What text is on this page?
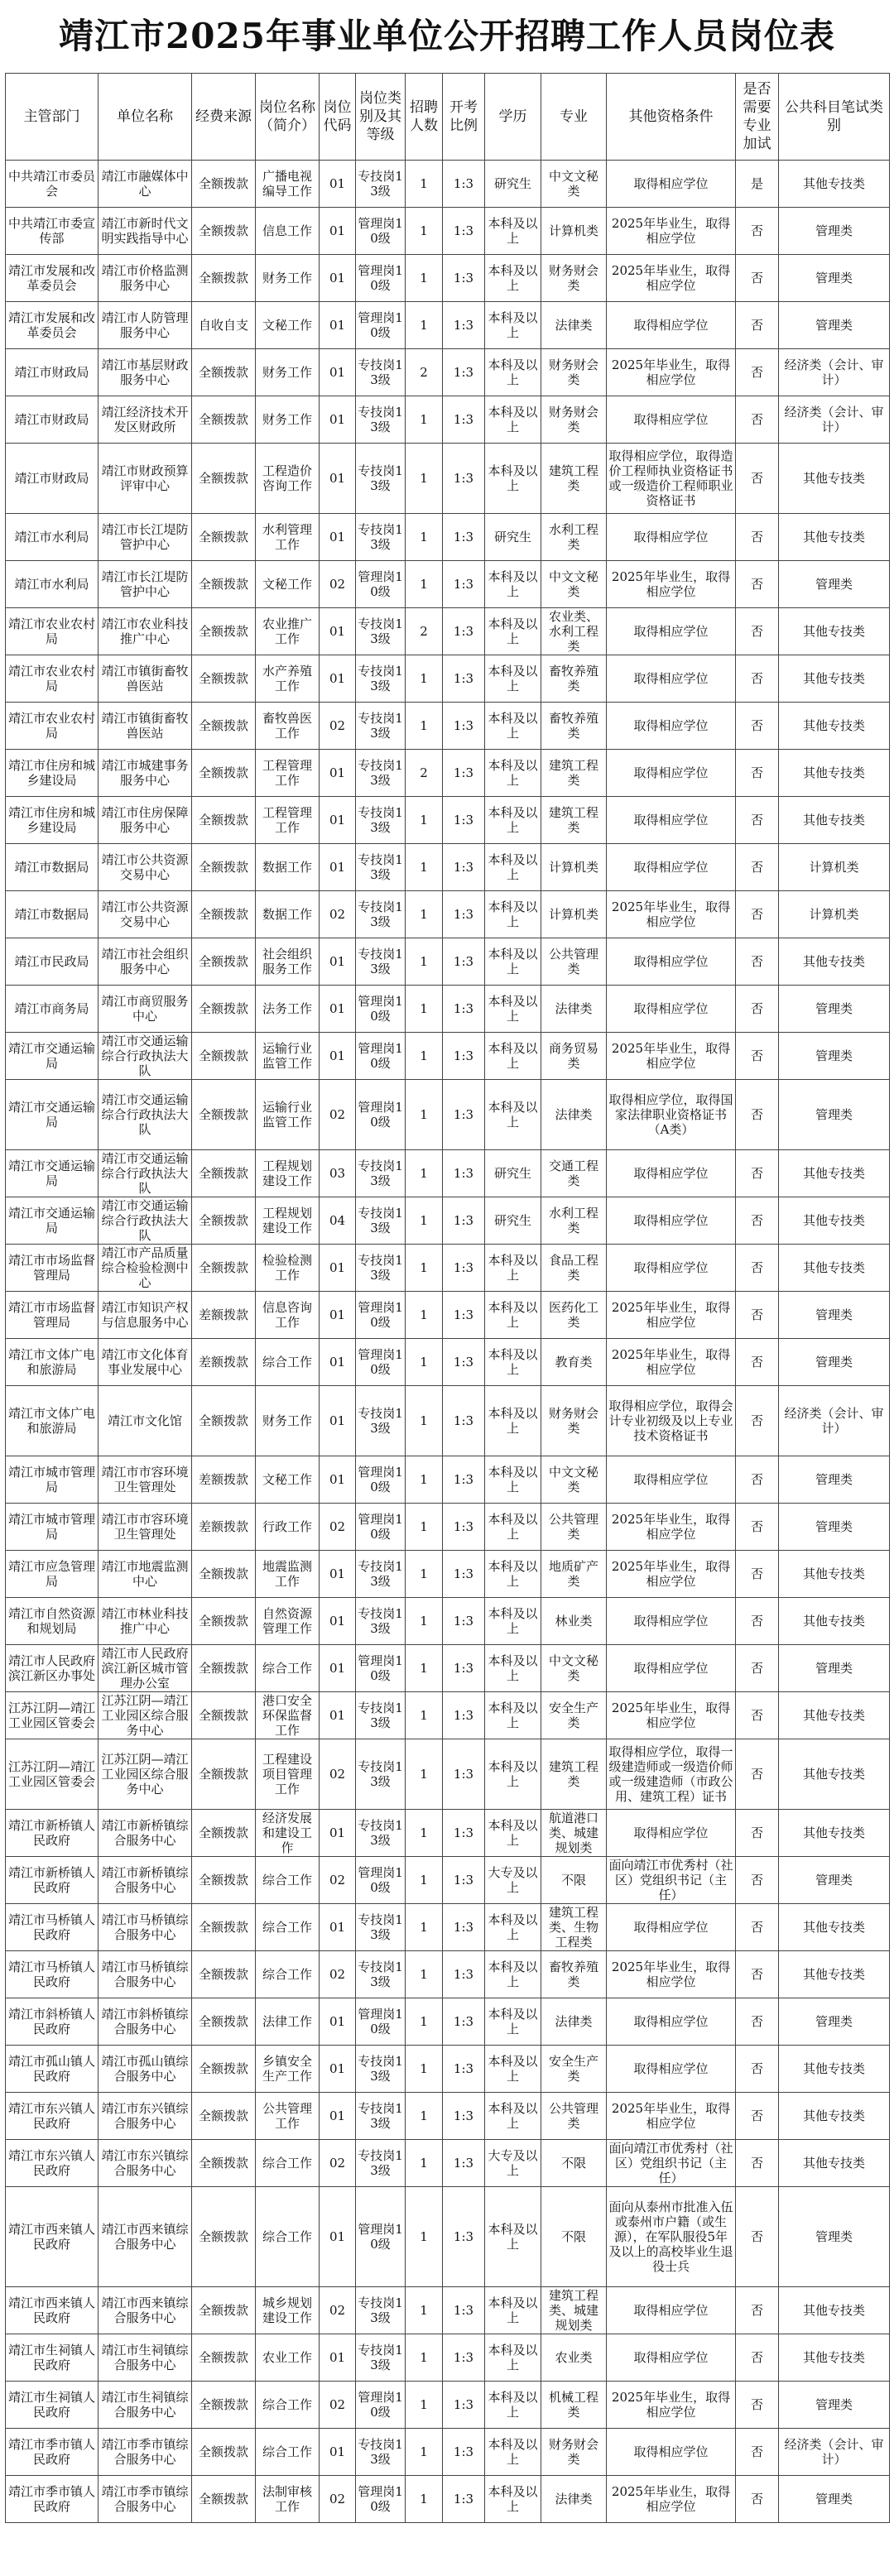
靖江市2025年事业单位公开招聘工作人员岗位表
主管部门	单位名称	经费来源	岗位名称（简介）	岗位代码	岗位类别及其等级	招聘人数	开考比例	学历	专业	其他资格条件	是否需要专业加试	公共科目笔试类别
中共靖江市委员会	靖江市融媒体中心	全额拨款	广播电视编导工作	01	专技岗13级	1	1:3	研究生	中文文秘类	取得相应学位	是	其他专技类
中共靖江市委宣传部	靖江市新时代文明实践指导中心	全额拨款	信息工作	01	管理岗10级	1	1:3	本科及以上	计算机类	2025年毕业生，取得相应学位	否	管理类
靖江市发展和改革委员会	靖江市价格监测服务中心	全额拨款	财务工作	01	管理岗10级	1	1:3	本科及以上	财务财会类	2025年毕业生，取得相应学位	否	管理类
靖江市发展和改革委员会	靖江市人防管理服务中心	自收自支	文秘工作	01	管理岗10级	1	1:3	本科及以上	法律类	取得相应学位	否	管理类
靖江市财政局	靖江市基层财政服务中心	全额拨款	财务工作	01	专技岗13级	2	1:3	本科及以上	财务财会类	2025年毕业生，取得相应学位	否	经济类（会计、审计）
靖江市财政局	靖江经济技术开发区财政所	全额拨款	财务工作	01	专技岗13级	1	1:3	本科及以上	财务财会类	取得相应学位	否	经济类（会计、审计）
靖江市财政局	靖江市财政预算评审中心	全额拨款	工程造价咨询工作	01	专技岗13级	1	1:3	本科及以上	建筑工程类	取得相应学位，取得造价工程师执业资格证书或一级造价工程师职业资格证书	否	其他专技类
靖江市水利局	靖江市长江堤防管护中心	全额拨款	水利管理工作	01	专技岗13级	1	1:3	研究生	水利工程类	取得相应学位	否	其他专技类
靖江市水利局	靖江市长江堤防管护中心	全额拨款	文秘工作	02	管理岗10级	1	1:3	本科及以上	中文文秘类	2025年毕业生，取得相应学位	否	管理类
靖江市农业农村局	靖江市农业科技推广中心	全额拨款	农业推广工作	01	专技岗13级	2	1:3	本科及以上	农业类、水利工程类	取得相应学位	否	其他专技类
靖江市农业农村局	靖江市镇街畜牧兽医站	全额拨款	水产养殖工作	01	专技岗13级	1	1:3	本科及以上	畜牧养殖类	取得相应学位	否	其他专技类
靖江市农业农村局	靖江市镇街畜牧兽医站	全额拨款	畜牧兽医工作	02	专技岗13级	1	1:3	本科及以上	畜牧养殖类	取得相应学位	否	其他专技类
靖江市住房和城乡建设局	靖江市城建事务服务中心	全额拨款	工程管理工作	01	专技岗13级	2	1:3	本科及以上	建筑工程类	取得相应学位	否	其他专技类
靖江市住房和城乡建设局	靖江市住房保障服务中心	全额拨款	工程管理工作	01	专技岗13级	1	1:3	本科及以上	建筑工程类	取得相应学位	否	其他专技类
靖江市数据局	靖江市公共资源交易中心	全额拨款	数据工作	01	专技岗13级	1	1:3	本科及以上	计算机类	取得相应学位	否	计算机类
靖江市数据局	靖江市公共资源交易中心	全额拨款	数据工作	02	专技岗13级	1	1:3	本科及以上	计算机类	2025年毕业生，取得相应学位	否	计算机类
靖江市民政局	靖江市社会组织服务中心	全额拨款	社会组织服务工作	01	专技岗13级	1	1:3	本科及以上	公共管理类	取得相应学位	否	其他专技类
靖江市商务局	靖江市商贸服务中心	全额拨款	法务工作	01	管理岗10级	1	1:3	本科及以上	法律类	取得相应学位	否	管理类
靖江市交通运输局	靖江市交通运输综合行政执法大队	全额拨款	运输行业监管工作	01	管理岗10级	1	1:3	本科及以上	商务贸易类	2025年毕业生，取得相应学位	否	管理类
靖江市交通运输局	靖江市交通运输综合行政执法大队	全额拨款	运输行业监管工作	02	管理岗10级	1	1:3	本科及以上	法律类	取得相应学位，取得国家法律职业资格证书（A类）	否	管理类
靖江市交通运输局	靖江市交通运输综合行政执法大队	全额拨款	工程规划建设工作	03	专技岗13级	1	1:3	研究生	交通工程类	取得相应学位	否	其他专技类
靖江市交通运输局	靖江市交通运输综合行政执法大队	全额拨款	工程规划建设工作	04	专技岗13级	1	1:3	研究生	水利工程类	取得相应学位	否	其他专技类
靖江市市场监督管理局	靖江市产品质量综合检验检测中心	全额拨款	检验检测工作	01	专技岗13级	1	1:3	本科及以上	食品工程类	取得相应学位	否	其他专技类
靖江市市场监督管理局	靖江市知识产权与信息服务中心	差额拨款	信息咨询工作	01	管理岗10级	1	1:3	本科及以上	医药化工类	2025年毕业生，取得相应学位	否	管理类
靖江市文体广电和旅游局	靖江市文化体育事业发展中心	差额拨款	综合工作	01	管理岗10级	1	1:3	本科及以上	教育类	2025年毕业生，取得相应学位	否	管理类
靖江市文体广电和旅游局	靖江市文化馆	全额拨款	财务工作	01	专技岗13级	1	1:3	本科及以上	财务财会类	取得相应学位，取得会计专业初级及以上专业技术资格证书	否	经济类（会计、审计）
靖江市城市管理局	靖江市市容环境卫生管理处	差额拨款	文秘工作	01	管理岗10级	1	1:3	本科及以上	中文文秘类	取得相应学位	否	管理类
靖江市城市管理局	靖江市市容环境卫生管理处	差额拨款	行政工作	02	管理岗10级	1	1:3	本科及以上	公共管理类	2025年毕业生，取得相应学位	否	管理类
靖江市应急管理局	靖江市地震监测中心	全额拨款	地震监测工作	01	专技岗13级	1	1:3	本科及以上	地质矿产类	2025年毕业生，取得相应学位	否	其他专技类
靖江市自然资源和规划局	靖江市林业科技推广中心	全额拨款	自然资源管理工作	01	专技岗13级	1	1:3	本科及以上	林业类	取得相应学位	否	其他专技类
靖江市人民政府滨江新区办事处	靖江市人民政府滨江新区城市管理办公室	全额拨款	综合工作	01	管理岗10级	1	1:3	本科及以上	中文文秘类	取得相应学位	否	管理类
江苏江阴—靖江工业园区管委会	江苏江阴—靖江工业园区综合服务中心	全额拨款	港口安全环保监督工作	01	专技岗13级	1	1:3	本科及以上	安全生产类	2025年毕业生，取得相应学位	否	其他专技类
江苏江阴—靖江工业园区管委会	江苏江阴—靖江工业园区综合服务中心	全额拨款	工程建设项目管理工作	02	专技岗13级	1	1:3	本科及以上	建筑工程类	取得相应学位，取得一级建造师或一级造价师或一级建造师（市政公用、建筑工程）证书	否	其他专技类
靖江市新桥镇人民政府	靖江市新桥镇综合服务中心	全额拨款	经济发展和建设工作	01	专技岗13级	1	1:3	本科及以上	航道港口类、城建规划类	取得相应学位	否	其他专技类
靖江市新桥镇人民政府	靖江市新桥镇综合服务中心	全额拨款	综合工作	02	管理岗10级	1	1:3	大专及以上	不限	面向靖江市优秀村（社区）党组织书记（主任）	否	管理类
靖江市马桥镇人民政府	靖江市马桥镇综合服务中心	全额拨款	综合工作	01	专技岗13级	1	1:3	本科及以上	建筑工程类、生物工程类	取得相应学位	否	其他专技类
靖江市马桥镇人民政府	靖江市马桥镇综合服务中心	全额拨款	综合工作	02	专技岗13级	1	1:3	本科及以上	畜牧养殖类	2025年毕业生，取得相应学位	否	其他专技类
靖江市斜桥镇人民政府	靖江市斜桥镇综合服务中心	全额拨款	法律工作	01	管理岗10级	1	1:3	本科及以上	法律类	取得相应学位	否	管理类
靖江市孤山镇人民政府	靖江市孤山镇综合服务中心	全额拨款	乡镇安全生产工作	01	专技岗13级	1	1:3	本科及以上	安全生产类	取得相应学位	否	其他专技类
靖江市东兴镇人民政府	靖江市东兴镇综合服务中心	全额拨款	公共管理工作	01	专技岗13级	1	1:3	本科及以上	公共管理类	2025年毕业生，取得相应学位	否	其他专技类
靖江市东兴镇人民政府	靖江市东兴镇综合服务中心	全额拨款	综合工作	02	专技岗13级	1	1:3	大专及以上	不限	面向靖江市优秀村（社区）党组织书记（主任）	否	其他专技类
靖江市西来镇人民政府	靖江市西来镇综合服务中心	全额拨款	综合工作	01	管理岗10级	1	1:3	本科及以上	不限	面向从泰州市批准入伍或泰州市户籍（或生源），在军队服役5年及以上的高校毕业生退役士兵	否	管理类
靖江市西来镇人民政府	靖江市西来镇综合服务中心	全额拨款	城乡规划建设工作	02	专技岗13级	1	1:3	本科及以上	建筑工程类、城建规划类	取得相应学位	否	其他专技类
靖江市生祠镇人民政府	靖江市生祠镇综合服务中心	全额拨款	农业工作	01	专技岗13级	1	1:3	本科及以上	农业类	取得相应学位	否	其他专技类
靖江市生祠镇人民政府	靖江市生祠镇综合服务中心	全额拨款	综合工作	02	管理岗10级	1	1:3	本科及以上	机械工程类	2025年毕业生，取得相应学位	否	管理类
靖江市季市镇人民政府	靖江市季市镇综合服务中心	全额拨款	综合工作	01	专技岗13级	1	1:3	本科及以上	财务财会类	取得相应学位	否	经济类（会计、审计）
靖江市季市镇人民政府	靖江市季市镇综合服务中心	全额拨款	法制审核工作	02	管理岗10级	1	1:3	本科及以上	法律类	2025年毕业生，取得相应学位	否	管理类
